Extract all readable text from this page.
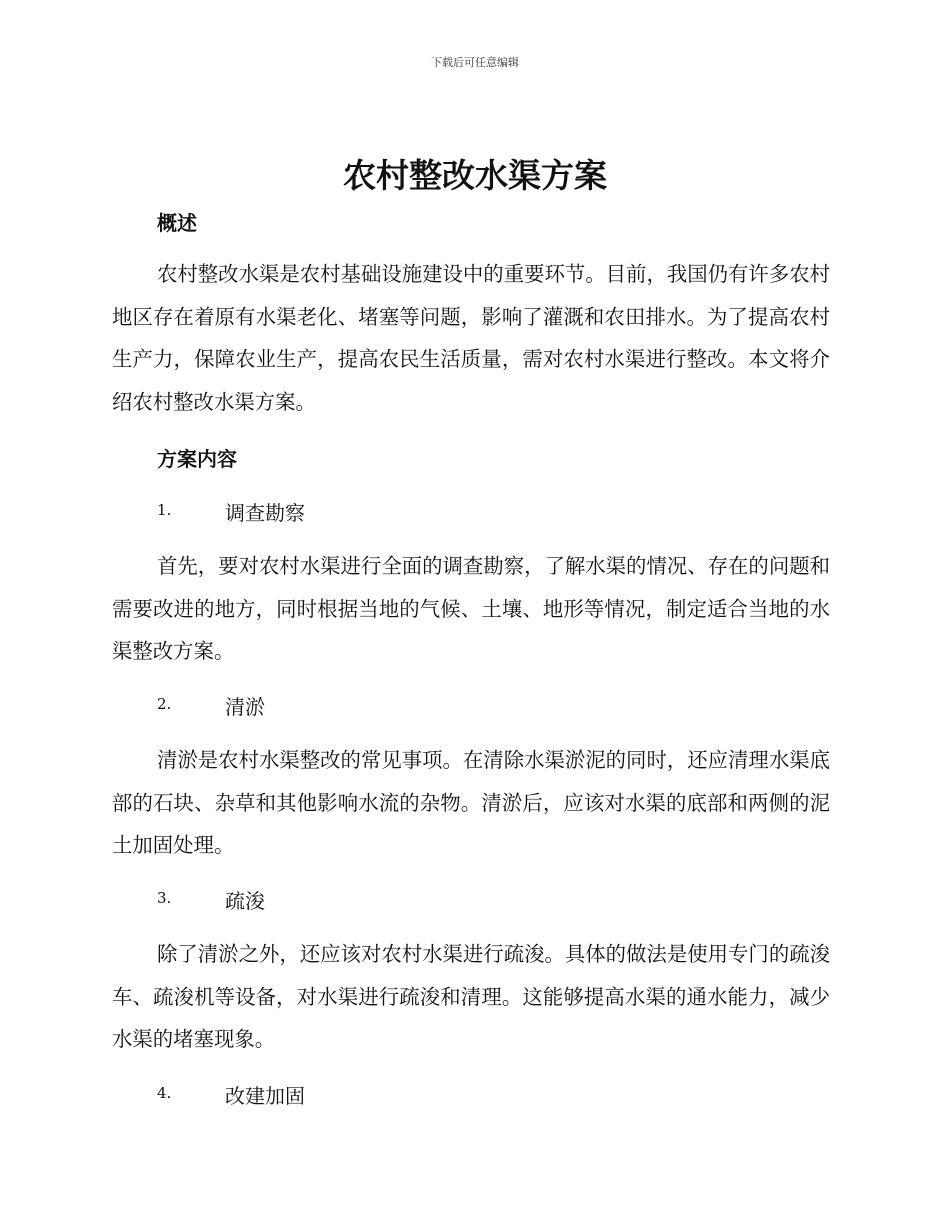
下载后可任意编辑
农村整改水渠方案
概述

农村整改水渠是农村基础设施建设中的重要环节。目前，我国仍有许多农村地区存在着原有水渠老化、堵塞等问题，影响了灌溉和农田排水。为了提高农村生产力，保障农业生产，提高农民生活质量，需对农村水渠进行整改。本文将介绍农村整改水渠方案。

方案内容
1.	调查勘察

首先，要对农村水渠进行全面的调查勘察，了解水渠的情况、存在的问题和需要改进的地方，同时根据当地的气候、土壤、地形等情况，制定适合当地的水渠整改方案。

2.	清淤

清淤是农村水渠整改的常见事项。在清除水渠淤泥的同时，还应清理水渠底部的石块、杂草和其他影响水流的杂物。清淤后，应该对水渠的底部和两侧的泥土加固处理。

3.	疏浚

除了清淤之外，还应该对农村水渠进行疏浚。具体的做法是使用专门的疏浚车、疏浚机等设备，对水渠进行疏浚和清理。这能够提高水渠的通水能力，减少水渠的堵塞现象。

4.	改建加固
